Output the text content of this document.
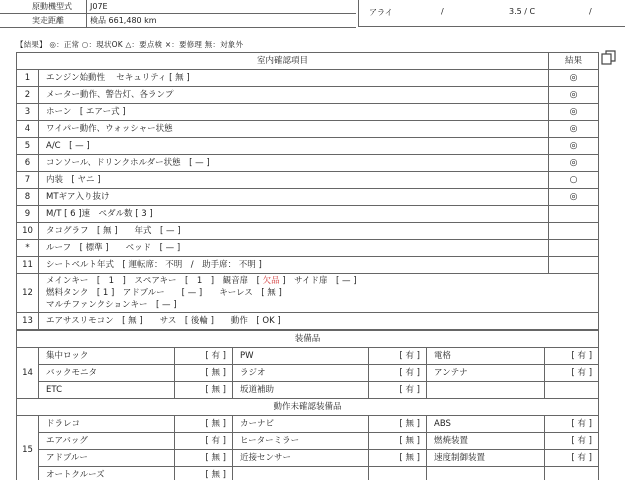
原動機型式 J07E
実走距離	検品 661,480 km
アライ	/	3.5 / C	/
【結果】 ◎：正常 ○：現状OK △：要点検 ×：要修理 無：対象外
室内確認項目		結果
1	エンジン始動性　 セキュリティ [ 無 ]	◎
2	メーター動作、警告灯、各ランプ	◎
3	ホーン　[ エアー式 ]	◎
4	ワイパー動作、ウォッシャー状態	◎
5	A/C　[ — ]	◎
6	コンソール、ドリンクホルダー状態　[ — ]	◎
7	内装　[ ヤニ ]	○
8	MTギア入り抜け	◎
9	M/T [ 6 ]速　ペダル数 [ 3 ]	
10	タコグラフ　[ 無 ]　　年式　[ — ]	
*	ルーフ　[ 標準 ]　　ベッド　[ — ]	
11	シートベルト年式　[ 運転席： 不明　/　助手席： 不明 ]	
12	メインキー　[　1　]　スペアキー　[　1　]　観音扉　[ 欠品 ]　サイド扉　[ — ]
燃料タンク　[ 1 ]　アドブルー　　[ — ]　　キーレス　[ 無 ]
マルチファンクションキー　[ — ]	

13	エアサスリモコン　[ 無 ]　　サス　[ 後輪 ]　　動作　[ OK ]	
装備品						
14	集中ロック	[ 有 ]	PW	[ 有 ]	電格	[ 有 ]
	バックモニタ	[ 無 ]	ラジオ	[ 有 ]	アンテナ	[ 有 ]
	ETC	[ 無 ]	坂道補助	[ 有 ]		
動作未確認装備品						
15	ドラレコ	[ 無 ]	カーナビ	[ 無 ]	ABS	[ 有 ]
	エアバッグ	[ 有 ]	ヒーターミラー	[ 無 ]	燃焼装置	[ 有 ]
	アドブルー	[ 無 ]	近接センサー	[ 無 ]	速度制御装置	[ 有 ]
	オートクルーズ	[ 無 ]				
